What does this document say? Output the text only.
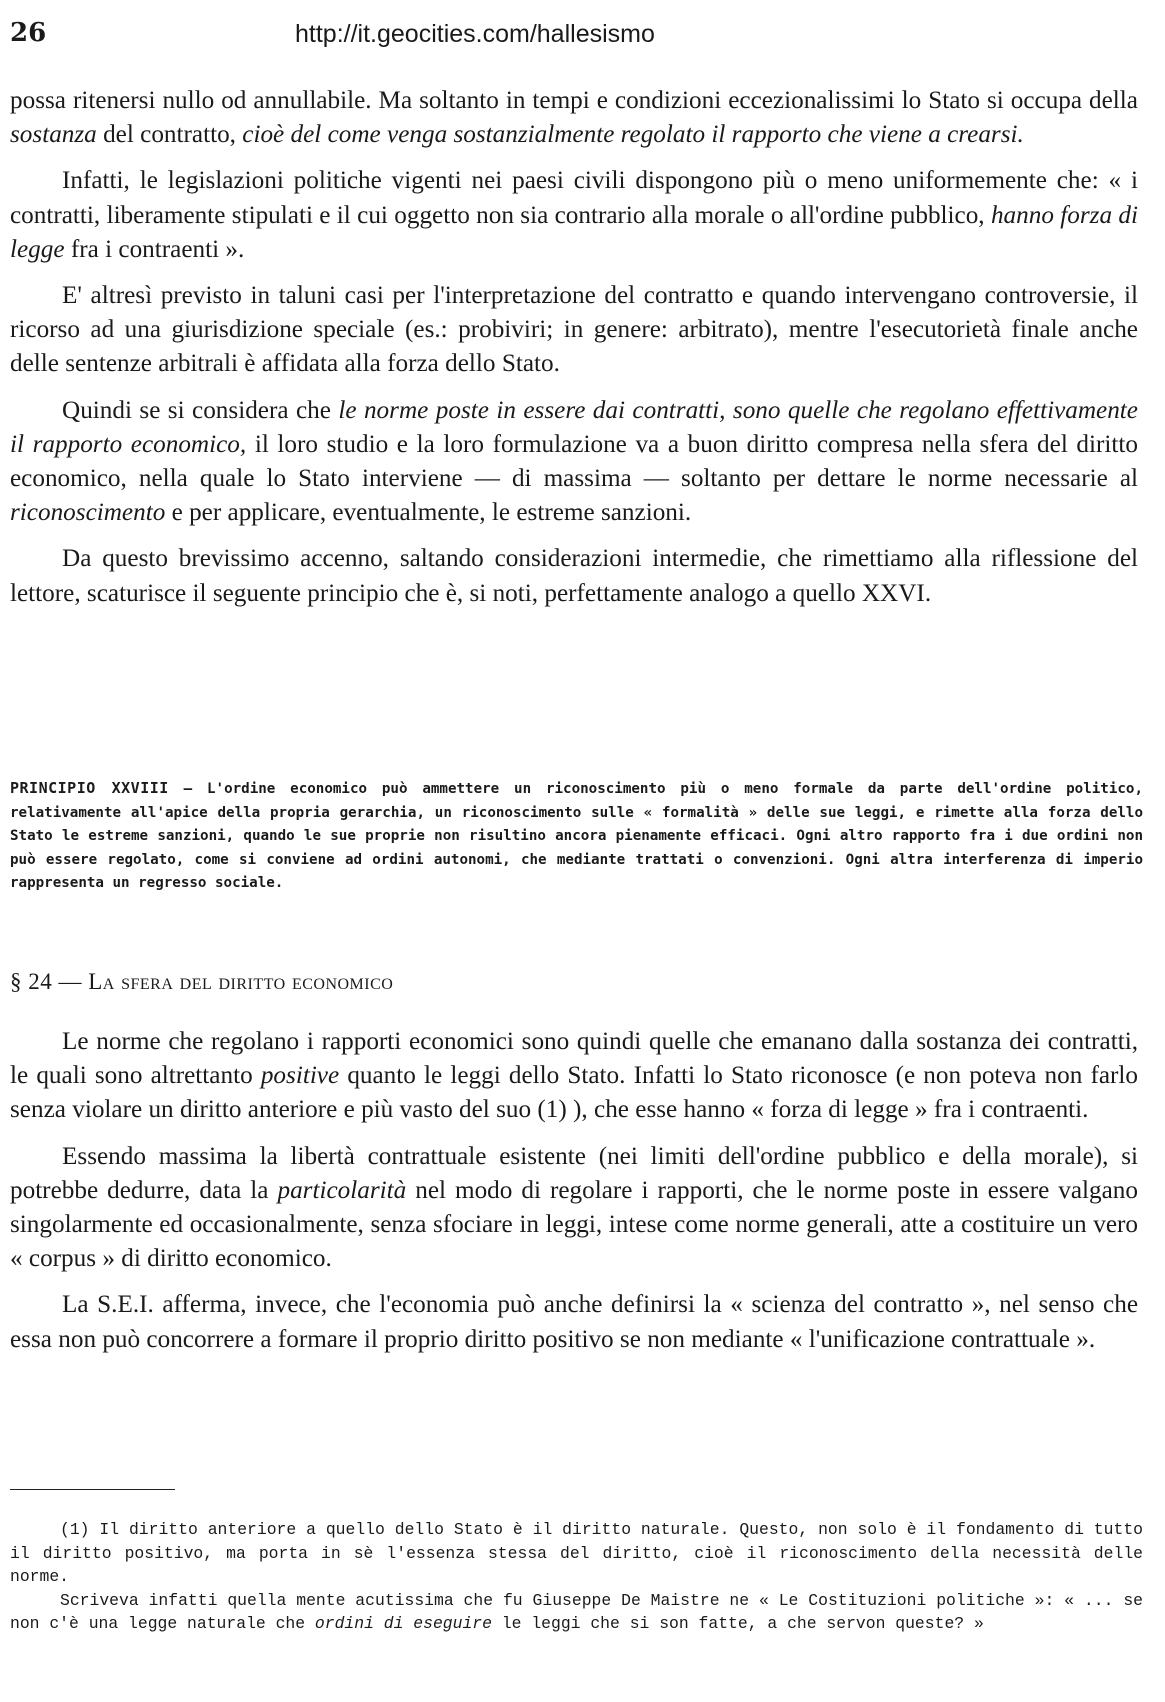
26	http://it.geocities.com/hallesismo

possa ritenersi nullo od annullabile. Ma soltanto in tempi e condizioni eccezionalissimi lo Stato si occupa della sostanza del contratto, cioè del come venga sostanzialmente regolato il rapporto che viene a crearsi.

Infatti, le legislazioni politiche vigenti nei paesi civili dispongono più o meno uniformemente che: « i contratti, liberamente stipulati e il cui oggetto non sia contrario alla morale o all'ordine pubblico, hanno forza di legge fra i contraenti ».

E' altresì previsto in taluni casi per l'interpretazione del contratto e quando intervengano controversie, il ricorso ad una giurisdizione speciale (es.: probiviri; in genere: arbitrato), mentre l'esecutorietà finale anche delle sentenze arbitrali è affidata alla forza dello Stato.

Quindi se si considera che le norme poste in essere dai contratti, sono quelle che regolano effettivamente il rapporto economico, il loro studio e la loro formulazione va a buon diritto compresa nella sfera del diritto economico, nella quale lo Stato interviene — di massima — soltanto per dettare le norme necessarie al riconoscimento e per applicare, eventualmente, le estreme sanzioni.

Da questo brevissimo accenno, saltando considerazioni intermedie, che rimettiamo alla riflessione del lettore, scaturisce il seguente principio che è, si noti, perfettamente analogo a quello XXVI.

PRINCIPIO XXVIII — L'ordine economico può ammettere un riconoscimento più o meno formale da parte dell'ordine politico, relativamente all'apice della propria gerarchia, un riconoscimento sulle « formalità » delle sue leggi, e rimette alla forza dello Stato le estreme sanzioni, quando le sue proprie non risultino ancora pienamente efficaci. Ogni altro rapporto fra i due ordini non può essere regolato, come si conviene ad ordini autonomi, che mediante trattati o convenzioni. Ogni altra interferenza di imperio rappresenta un regresso sociale.
§ 24 — La sfera del diritto economico

Le norme che regolano i rapporti economici sono quindi quelle che emanano dalla sostanza dei contratti, le quali sono altrettanto positive quanto le leggi dello Stato. Infatti lo Stato riconosce (e non poteva non farlo senza violare un diritto anteriore e più vasto del suo (1) ), che esse hanno « forza di legge » fra i contraenti.

Essendo massima la libertà contrattuale esistente (nei limiti dell'ordine pubblico e della morale), si potrebbe dedurre, data la particolarità nel modo di regolare i rapporti, che le norme poste in essere valgano singolarmente ed occasionalmente, senza sfociare in leggi, intese come norme generali, atte a costituire un vero « corpus » di diritto economico.

La S.E.I. afferma, invece, che l'economia può anche definirsi la « scienza del contratto », nel senso che essa non può concorrere a formare il proprio diritto positivo se non mediante « l'unificazione contrattuale ».

(1) Il diritto anteriore a quello dello Stato è il diritto naturale. Questo, non solo è il fondamento di tutto il diritto positivo, ma porta in sè l'essenza stessa del diritto, cioè il riconoscimento della necessità delle norme.

Scriveva infatti quella mente acutissima che fu Giuseppe De Maistre ne « Le Costituzioni politiche »: « ... se non c'è una legge naturale che ordini di eseguire le leggi che si son fatte, a che servon queste? »
